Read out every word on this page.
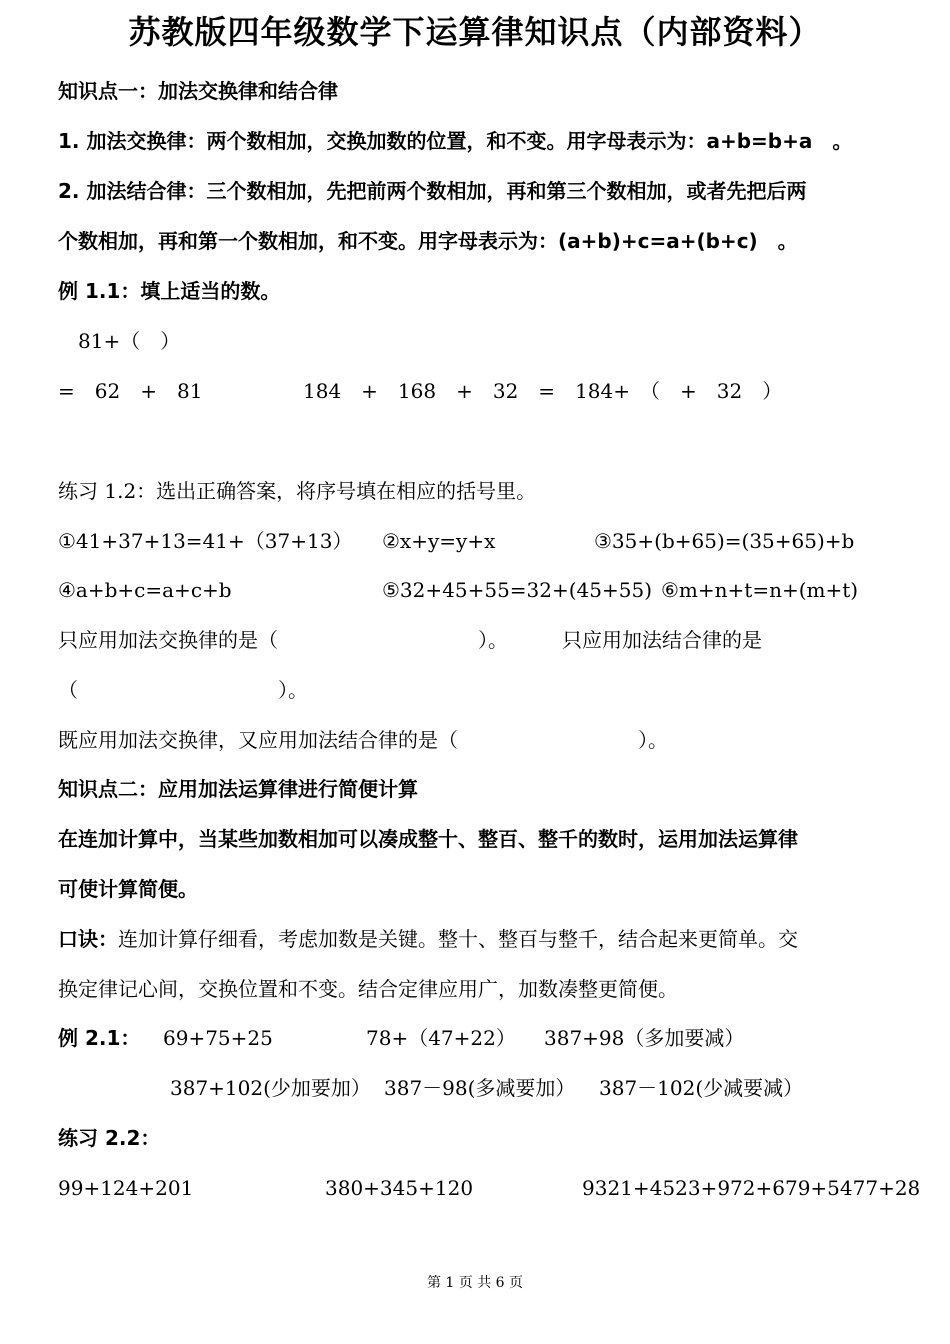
苏教版四年级数学下运算律知识点（内部资料）
知识点一：加法交换律和结合律
1. 加法交换律：两个数相加，交换加数的位置，和不变。用字母表示为：a+b=b+a　。
2. 加法结合律：三个数相加，先把前两个数相加，再和第三个数相加，或者先把后两
个数相加，再和第一个数相加，和不变。用字母表示为：(a+b)+c=a+(b+c)　。
例 1.1：填上适当的数。
81+（　）
=　62　+　81	184　+　168　+　32　=　184+　（　+　32　）
练习 1.2：选出正确答案，将序号填在相应的括号里。
①41+37+13=41+（37+13） ②x+y=y+x	③35+(b+65)=(35+65)+b
④a+b+c=a+c+b	⑤32+45+55=32+(45+55) ⑥m+n+t=n+(m+t)
只应用加法交换律的是（　　　　　　　　　　）。	只应用加法结合律的是
（　　　　　　　　　　）。
既应用加法交换律，又应用加法结合律的是（　　　　　　　　　）。
知识点二：应用加法运算律进行简便计算
在连加计算中，当某些加数相加可以凑成整十、整百、整千的数时，运用加法运算律
可使计算简便。
口诀：连加计算仔细看，考虑加数是关键。整十、整百与整千，结合起来更简单。交
换定律记心间，交换位置和不变。结合定律应用广，加数凑整更简便。
例 2.1： 69+75+25	78+（47+22） 387+98（多加要减）
387+102(少加要加） 387－98(多减要加） 387－102(少减要减）
练习 2.2：
99+124+201	380+345+120	9321+4523+972+679+5477+28
第 1 页 共 6 页
